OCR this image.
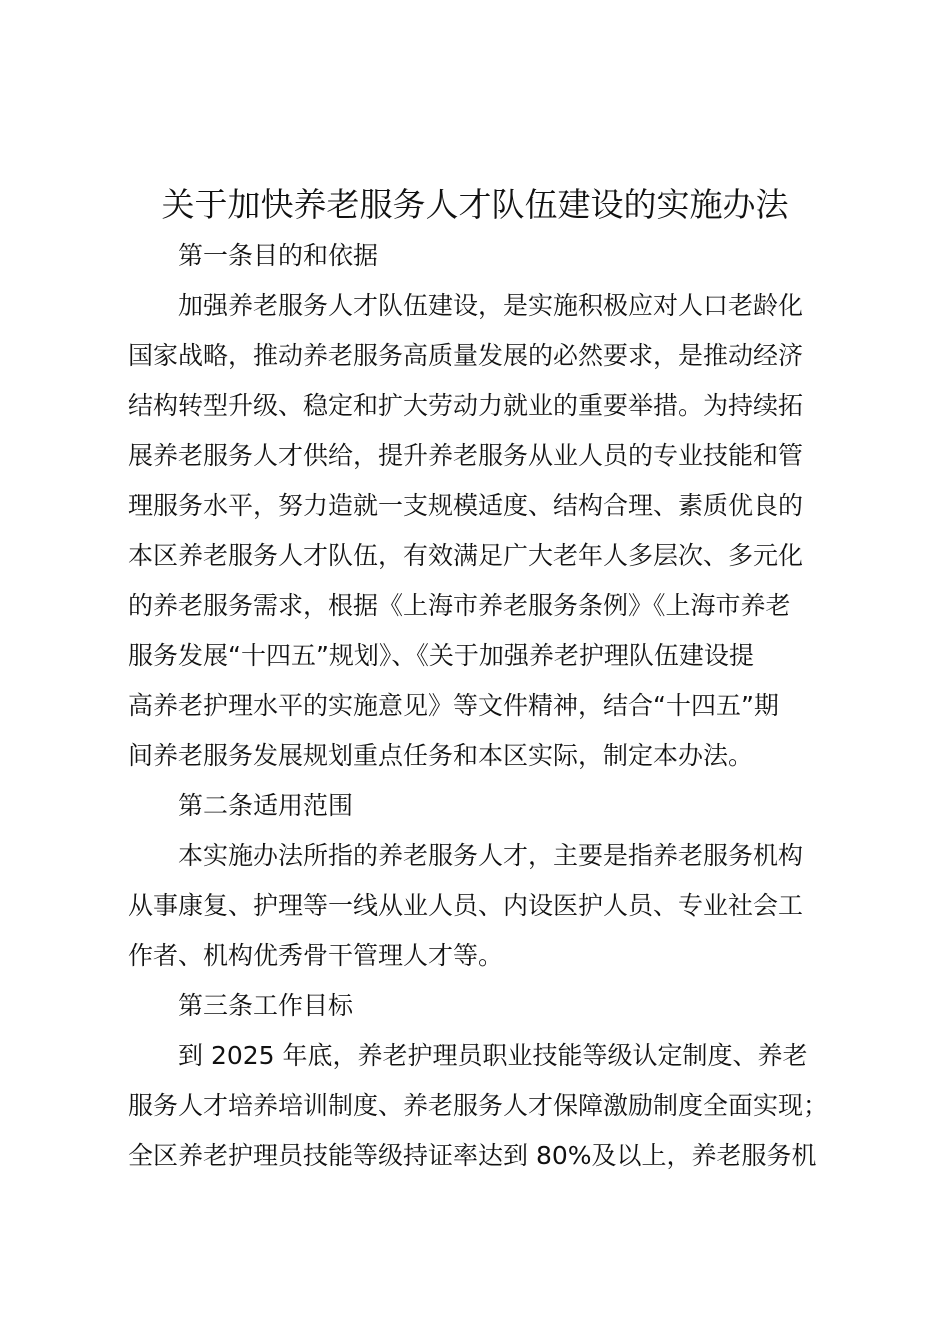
关于加快养老服务人才队伍建设的实施办法

第一条目的和依据

加强养老服务人才队伍建设，是实施积极应对人口老龄化

国家战略，推动养老服务高质量发展的必然要求，是推动经济

结构转型升级、稳定和扩大劳动力就业的重要举措。为持续拓

展养老服务人才供给，提升养老服务从业人员的专业技能和管

理服务水平，努力造就一支规模适度、结构合理、素质优良的

本区养老服务人才队伍，有效满足广大老年人多层次、多元化

的养老服务需求，根据《上海市养老服务条例》《上海市养老

服务发展“十四五”规划》、《关于加强养老护理队伍建设提

高养老护理水平的实施意见》等文件精神，结合“十四五”期

间养老服务发展规划重点任务和本区实际，制定本办法。

第二条适用范围

本实施办法所指的养老服务人才，主要是指养老服务机构

从事康复、护理等一线从业人员、内设医护人员、专业社会工

作者、机构优秀骨干管理人才等。

第三条工作目标

到 2025 年底，养老护理员职业技能等级认定制度、养老

服务人才培养培训制度、养老服务人才保障激励制度全面实现；

全区养老护理员技能等级持证率达到 80%及以上，养老服务机
